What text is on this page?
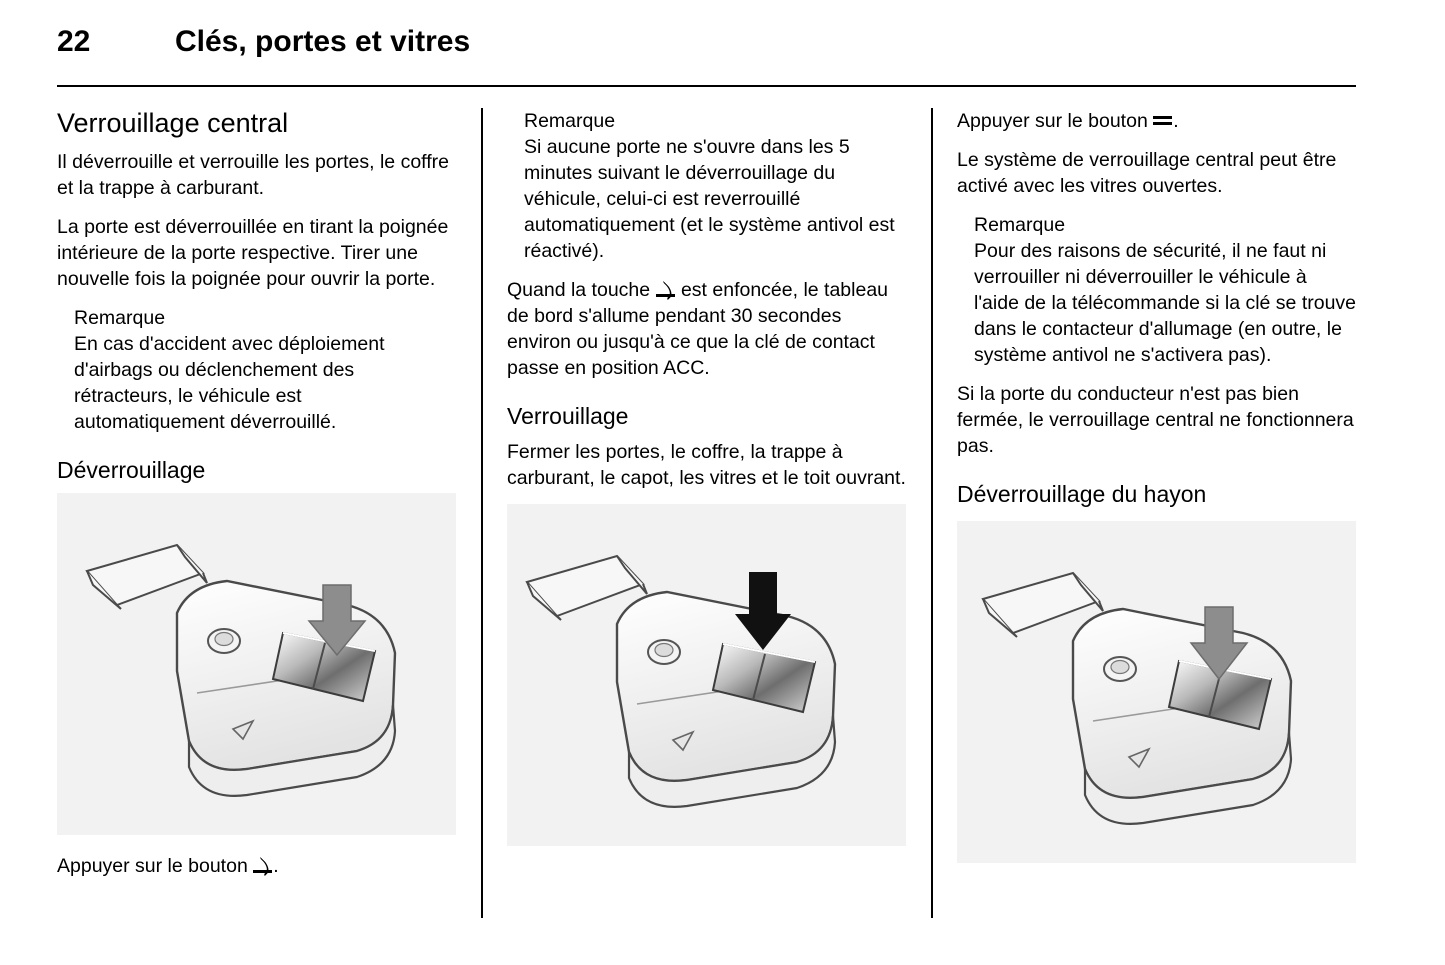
22	Clés, portes et vitres
Verrouillage central

Il déverrouille et verrouille les portes, le coffre et la trappe à carburant.

La porte est déverrouillée en tirant la poignée intérieure de la porte respective. Tirer une nouvelle fois la poignée pour ouvrir la porte.

Remarque

En cas d'accident avec déploiement d'airbags ou déclenchement des rétracteurs, le véhicule est automatiquement déverrouillé.

Déverrouillage

Appuyer sur le bouton .

Remarque

Si aucune porte ne s'ouvre dans les 5 minutes suivant le déverrouillage du véhicule, celui-ci est reverrouillé automatiquement (et le système antivol est réactivé).

Quand la touche  est enfoncée, le tableau de bord s'allume pendant 30 secondes environ ou jusqu'à ce que la clé de contact passe en position ACC.

Verrouillage

Fermer les portes, le coffre, la trappe à carburant, le capot, les vitres et le toit ouvrant.

Appuyer sur le bouton .

Le système de verrouillage central peut être activé avec les vitres ouvertes.

Remarque

Pour des raisons de sécurité, il ne faut ni verrouiller ni déverrouiller le véhicule à l'aide de la télécommande si la clé se trouve dans le contacteur d'allumage (en outre, le système antivol ne s'activera pas).

Si la porte du conducteur n'est pas bien fermée, le verrouillage central ne fonctionnera pas.

Déverrouillage du hayon
